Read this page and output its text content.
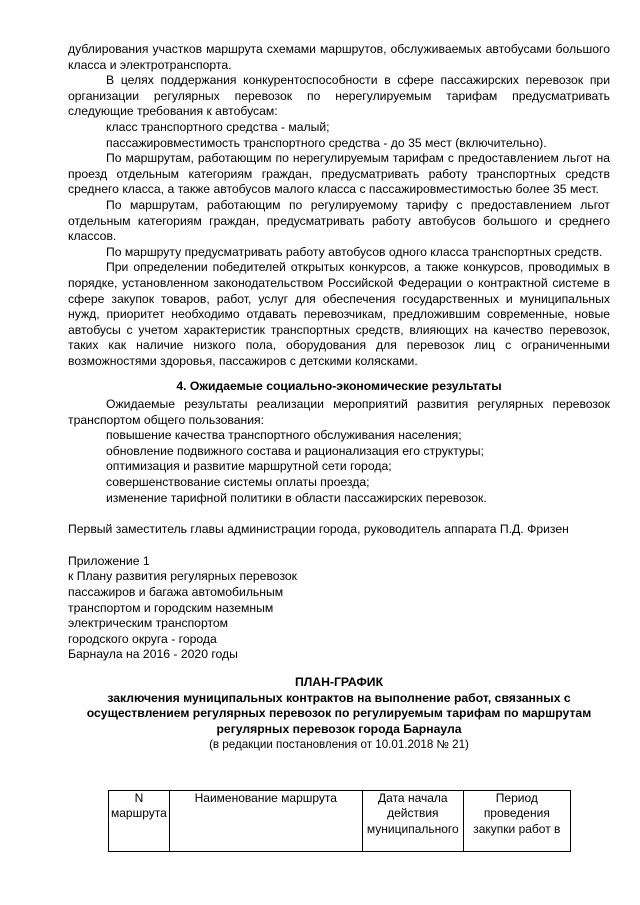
дублирования участков маршрута схемами маршрутов, обслуживаемых автобусами большого класса и электротранспорта.

В целях поддержания конкурентоспособности в сфере пассажирских перевозок при организации регулярных перевозок по нерегулируемым тарифам предусматривать следующие требования к автобусам:

класс транспортного средства - малый;

пассажировместимость транспортного средства - до 35 мест (включительно).

По маршрутам, работающим по нерегулируемым тарифам с предоставлением льгот на проезд отдельным категориям граждан, предусматривать работу транспортных средств среднего класса, а также автобусов малого класса с пассажировместимостью более 35 мест.

По маршрутам, работающим по регулируемому тарифу с предоставлением льгот отдельным категориям граждан, предусматривать работу автобусов большого и среднего классов.

По маршруту предусматривать работу автобусов одного класса транспортных средств.

При определении победителей открытых конкурсов, а также конкурсов, проводимых в порядке, установленном законодательством Российской Федерации о контрактной системе в сфере закупок товаров, работ, услуг для обеспечения государственных и муниципальных нужд, приоритет необходимо отдавать перевозчикам, предложившим современные, новые автобусы с учетом характеристик транспортных средств, влияющих на качество перевозок, таких как наличие низкого пола, оборудования для перевозок лиц с ограниченными возможностями здоровья, пассажиров с детскими колясками.

4. Ожидаемые социально-экономические результаты

Ожидаемые результаты реализации мероприятий развития регулярных перевозок транспортом общего пользования:

повышение качества транспортного обслуживания населения;

обновление подвижного состава и рационализация его структуры;

оптимизация и развитие маршрутной сети города;

совершенствование системы оплаты проезда;

изменение тарифной политики в области пассажирских перевозок.

Первый заместитель главы администрации города, руководитель аппарата П.Д. Фризен

Приложение 1
к Плану развития регулярных перевозок
пассажиров и багажа автомобильным
транспортом и городским наземным
электрическим транспортом
городского округа - города
Барнаула на 2016 - 2020 годы

ПЛАН-ГРАФИК

заключения муниципальных контрактов на выполнение работ, связанных с осуществлением регулярных перевозок по регулируемым тарифам по маршрутам регулярных перевозок города Барнаула

(в редакции постановления от 10.01.2018 № 21)

N маршрута	Наименование маршрута	Дата начала действия муниципального	Период проведения закупки работ в
